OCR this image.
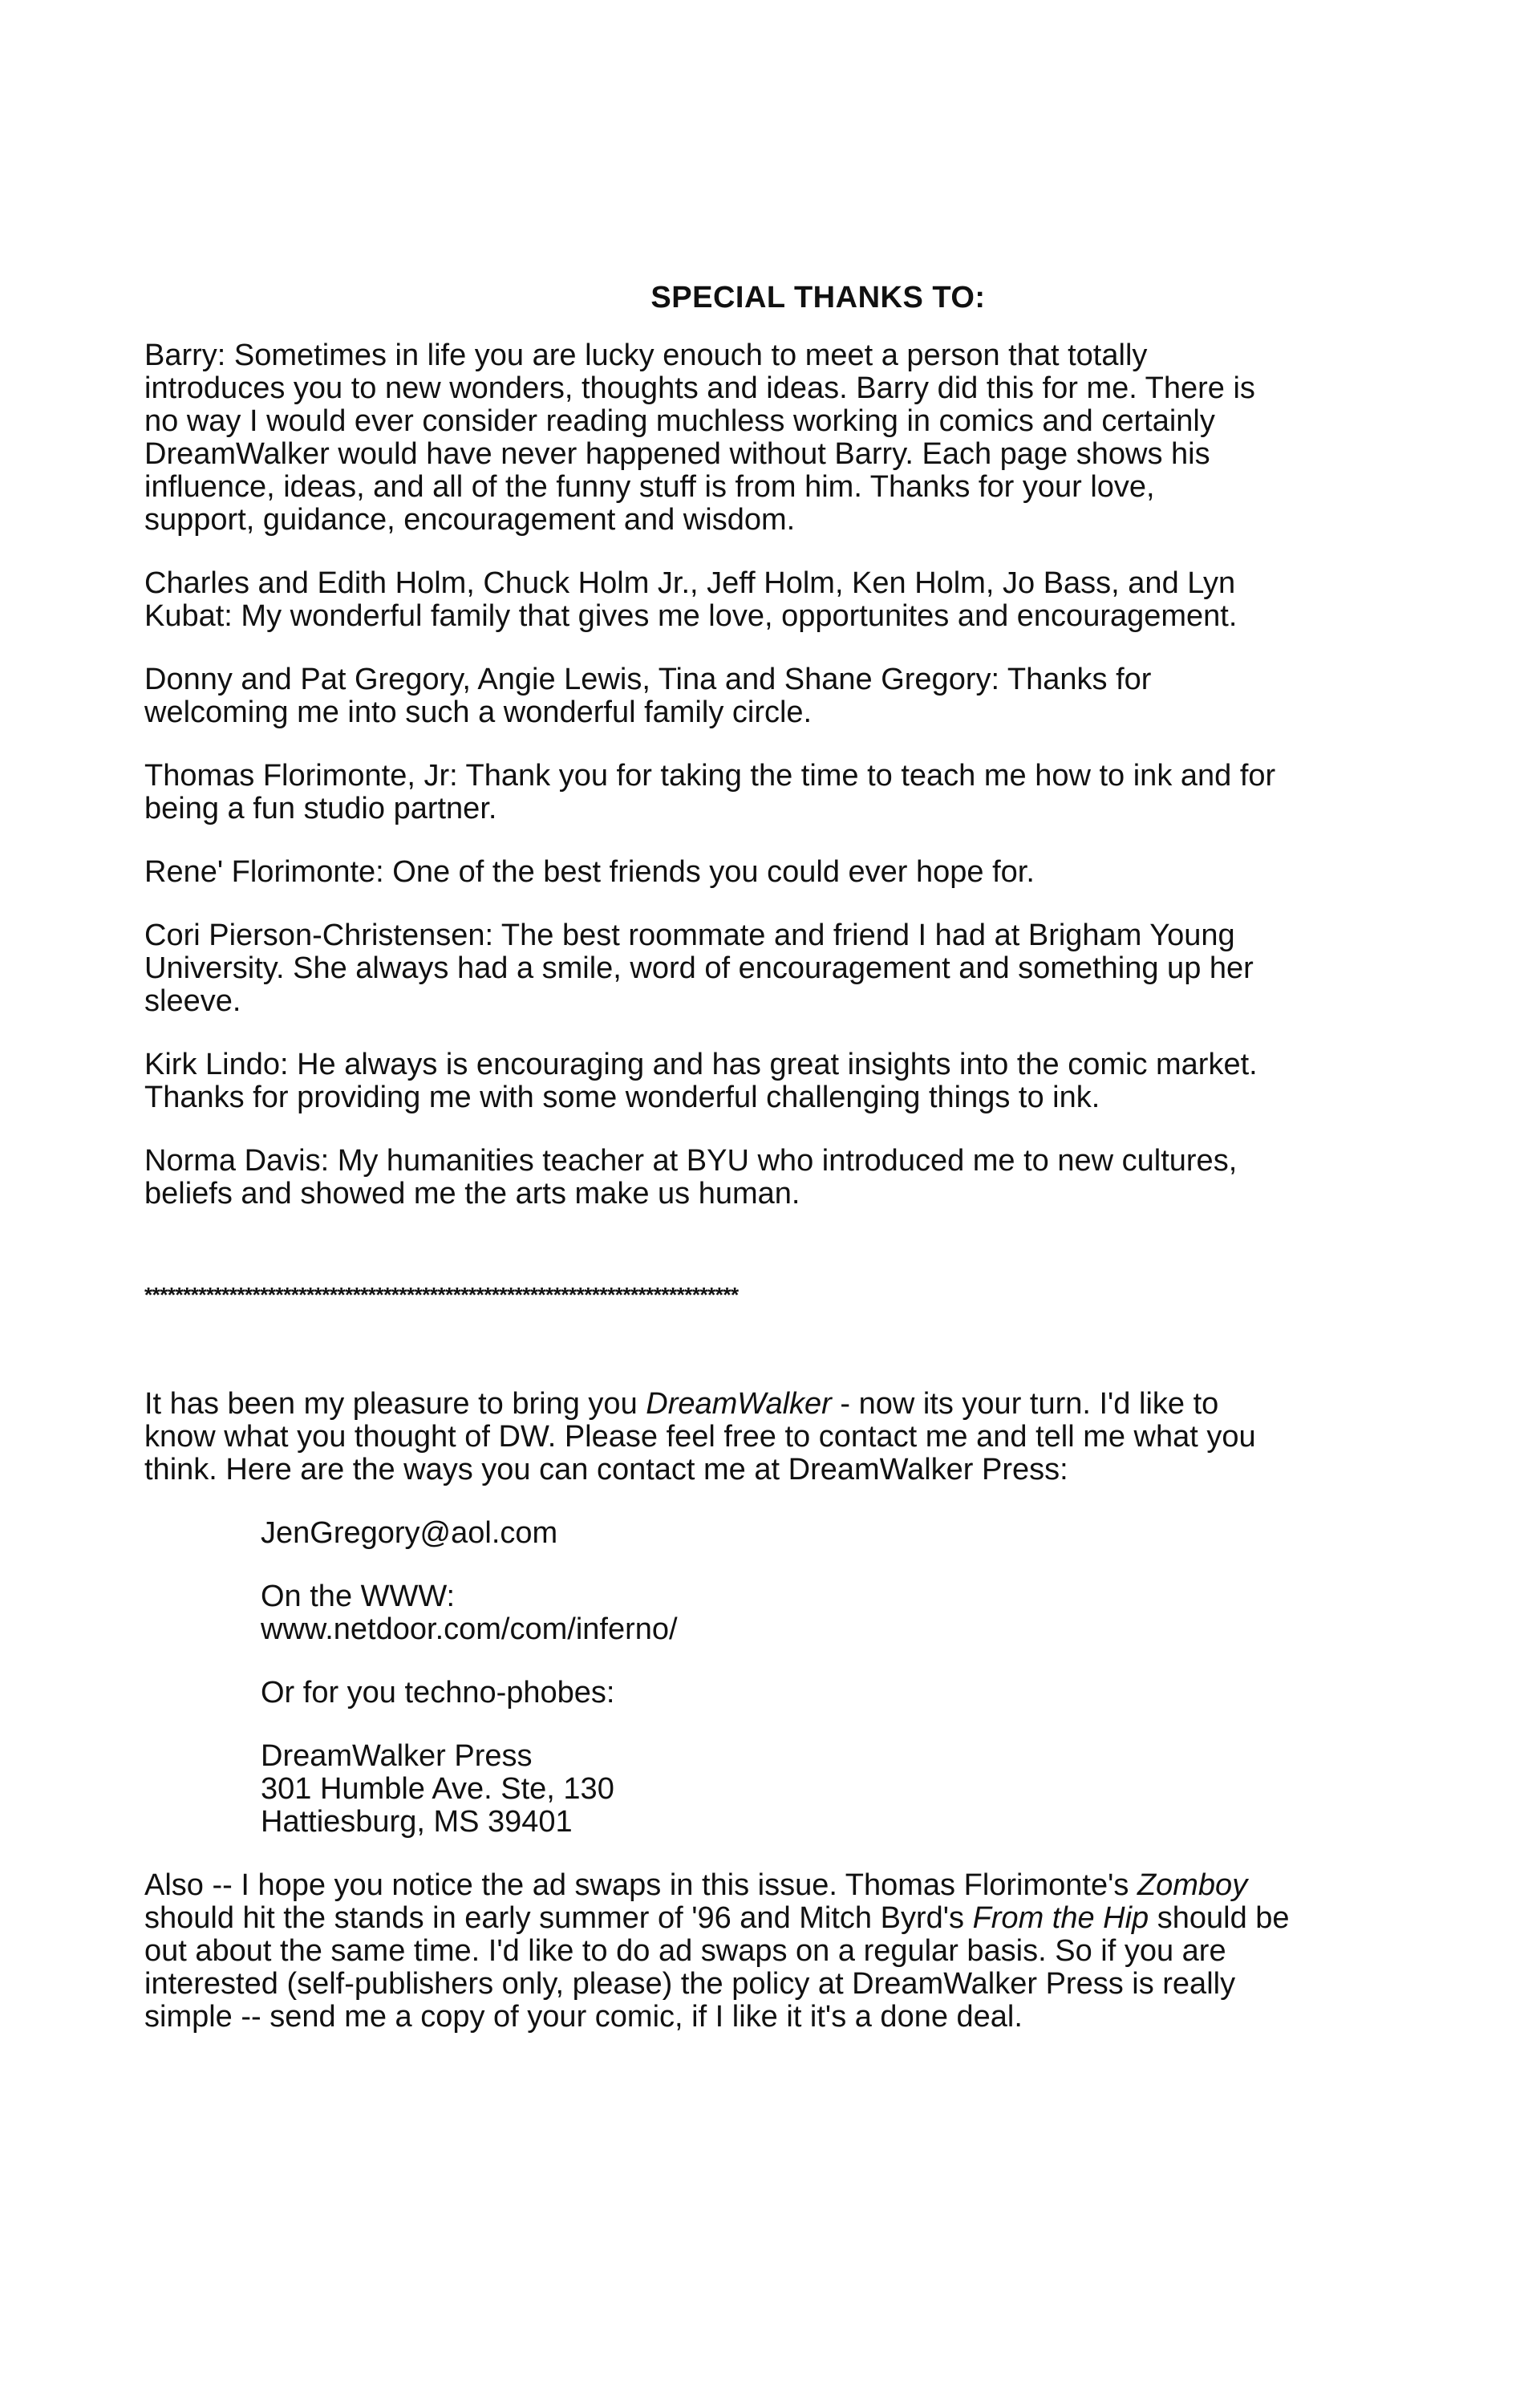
SPECIAL THANKS TO:
Barry: Sometimes in life you are lucky enouch to meet a person that totally
introduces you to new wonders, thoughts and ideas. Barry did this for me. There is
no way I would ever consider reading muchless working in comics and certainly
DreamWalker would have never happened without Barry. Each page shows his
influence, ideas, and all of the funny stuff is from him. Thanks for your love,
support, guidance, encouragement and wisdom.
Charles and Edith Holm, Chuck Holm Jr., Jeff Holm, Ken Holm, Jo Bass, and Lyn
Kubat: My wonderful family that gives me love, opportunites and encouragement.
Donny and Pat Gregory, Angie Lewis, Tina and Shane Gregory: Thanks for
welcoming me into such a wonderful family circle.
Thomas Florimonte, Jr: Thank you for taking the time to teach me how to ink and for
being a fun studio partner.
Rene' Florimonte: One of the best friends you could ever hope for.
Cori Pierson-Christensen: The best roommate and friend I had at Brigham Young
University. She always had a smile, word of encouragement and something up her
sleeve.
Kirk Lindo: He always is encouraging and has great insights into the comic market.
Thanks for providing me with some wonderful challenging things to ink.
Norma Davis: My humanities teacher at BYU who introduced me to new cultures,
beliefs and showed me the arts make us human.
*****************************************************************************
It has been my pleasure to bring you DreamWalker - now its your turn. I'd like to
know what you thought of DW. Please feel free to contact me and tell me what you
think. Here are the ways you can contact me at DreamWalker Press:
JenGregory@aol.com
On the WWW:
www.netdoor.com/com/inferno/
Or for you techno-phobes:
DreamWalker Press
301 Humble Ave. Ste, 130
Hattiesburg, MS 39401
Also -- I hope you notice the ad swaps in this issue. Thomas Florimonte's Zomboy
should hit the stands in early summer of '96 and Mitch Byrd's From the Hip should be
out about the same time. I'd like to do ad swaps on a regular basis. So if you are
interested (self-publishers only, please) the policy at DreamWalker Press is really
simple -- send me a copy of your comic, if I like it it's a done deal.
